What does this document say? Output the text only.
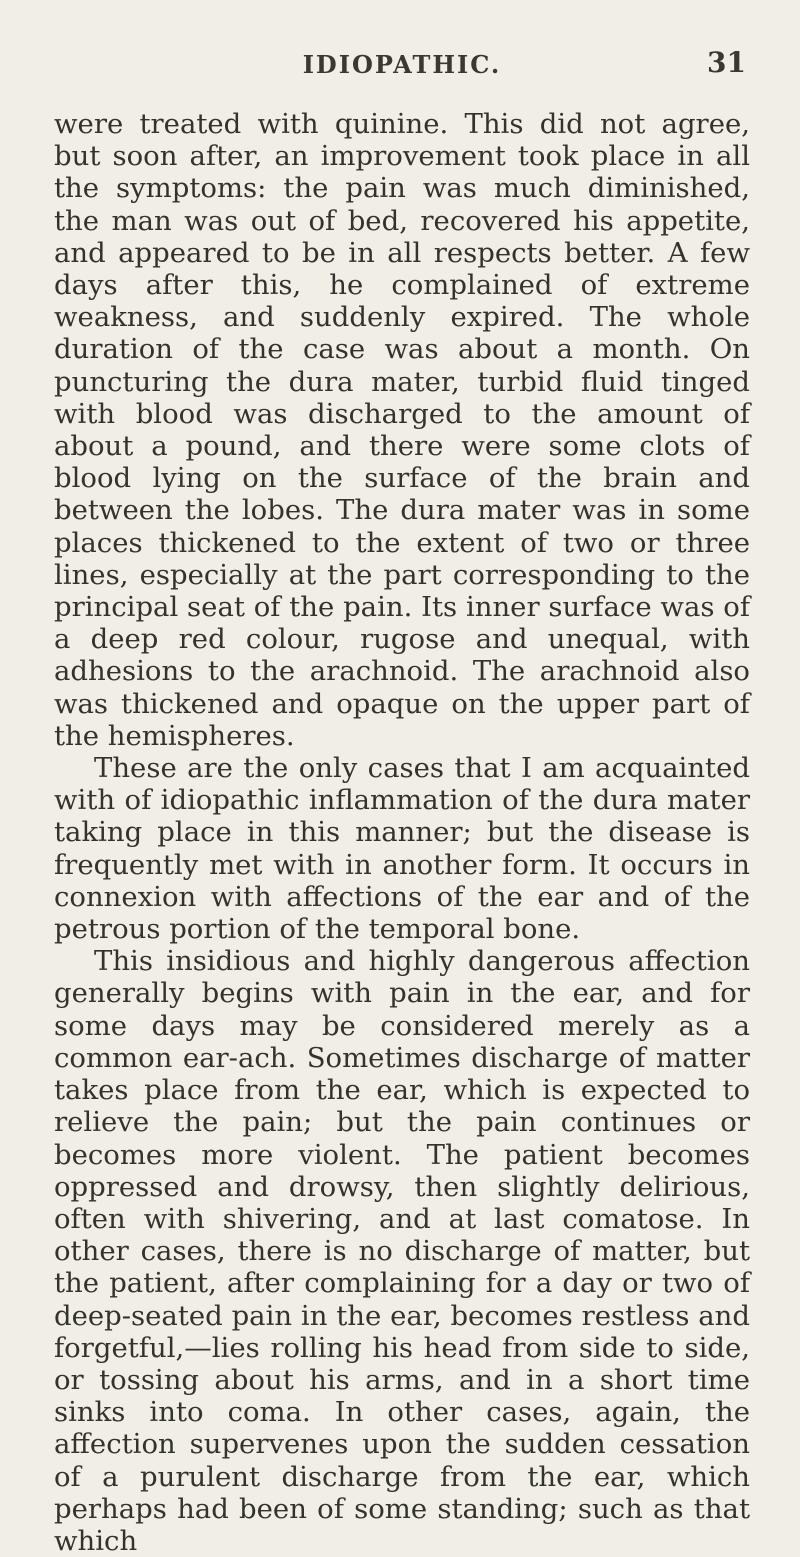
IDIOPATHIC.	31

were treated with quinine. This did not agree, but soon after, an improvement took place in all the symptoms: the pain was much diminished, the man was out of bed, recovered his appetite, and appeared to be in all respects better. A few days after this, he complained of extreme weakness, and suddenly expired. The whole duration of the case was about a month. On puncturing the dura mater, turbid fluid tinged with blood was discharged to the amount of about a pound, and there were some clots of blood lying on the surface of the brain and between the lobes. The dura mater was in some places thickened to the extent of two or three lines, especially at the part corresponding to the principal seat of the pain. Its inner surface was of a deep red colour, rugose and unequal, with adhesions to the arachnoid. The arachnoid also was thickened and opaque on the upper part of the hemispheres.

These are the only cases that I am acquainted with of idiopathic inflammation of the dura mater taking place in this manner; but the disease is frequently met with in another form. It occurs in connexion with affections of the ear and of the petrous portion of the temporal bone.

This insidious and highly dangerous affection generally begins with pain in the ear, and for some days may be considered merely as a common ear-ach. Sometimes discharge of matter takes place from the ear, which is expected to relieve the pain; but the pain continues or becomes more violent. The patient becomes oppressed and drowsy, then slightly delirious, often with shivering, and at last comatose. In other cases, there is no discharge of matter, but the patient, after complaining for a day or two of deep-seated pain in the ear, becomes restless and forgetful,—lies rolling his head from side to side, or tossing about his arms, and in a short time sinks into coma. In other cases, again, the affection supervenes upon the sudden cessation of a purulent discharge from the ear, which perhaps had been of some standing; such as that which
